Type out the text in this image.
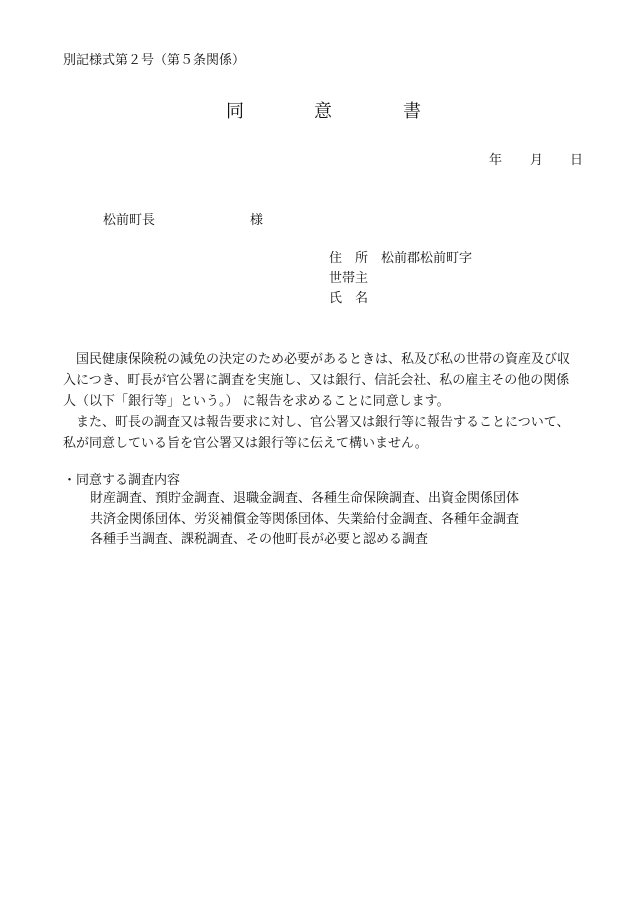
別記様式第２号（第５条関係）
同	意	書
年 月 日
松前町長	様
住　所 松前郡松前町字
世帯主
氏　名

国民健康保険税の減免の決定のため必要があるときは、私及び私の世帯の資産及び収入につき、町長が官公署に調査を実施し、又は銀行、信託会社、私の雇主その他の関係人（以下「銀行等」という。） に報告を求めることに同意します。

また、町長の調査又は報告要求に対し、官公署又は銀行等に報告することについて、私が同意している旨を官公署又は銀行等に伝えて構いません。

・同意する調査内容
財産調査、預貯金調査、退職金調査、各種生命保険調査、出資金関係団体
共済金関係団体、労災補償金等関係団体、失業給付金調査、各種年金調査
各種手当調査、課税調査、その他町長が必要と認める調査
